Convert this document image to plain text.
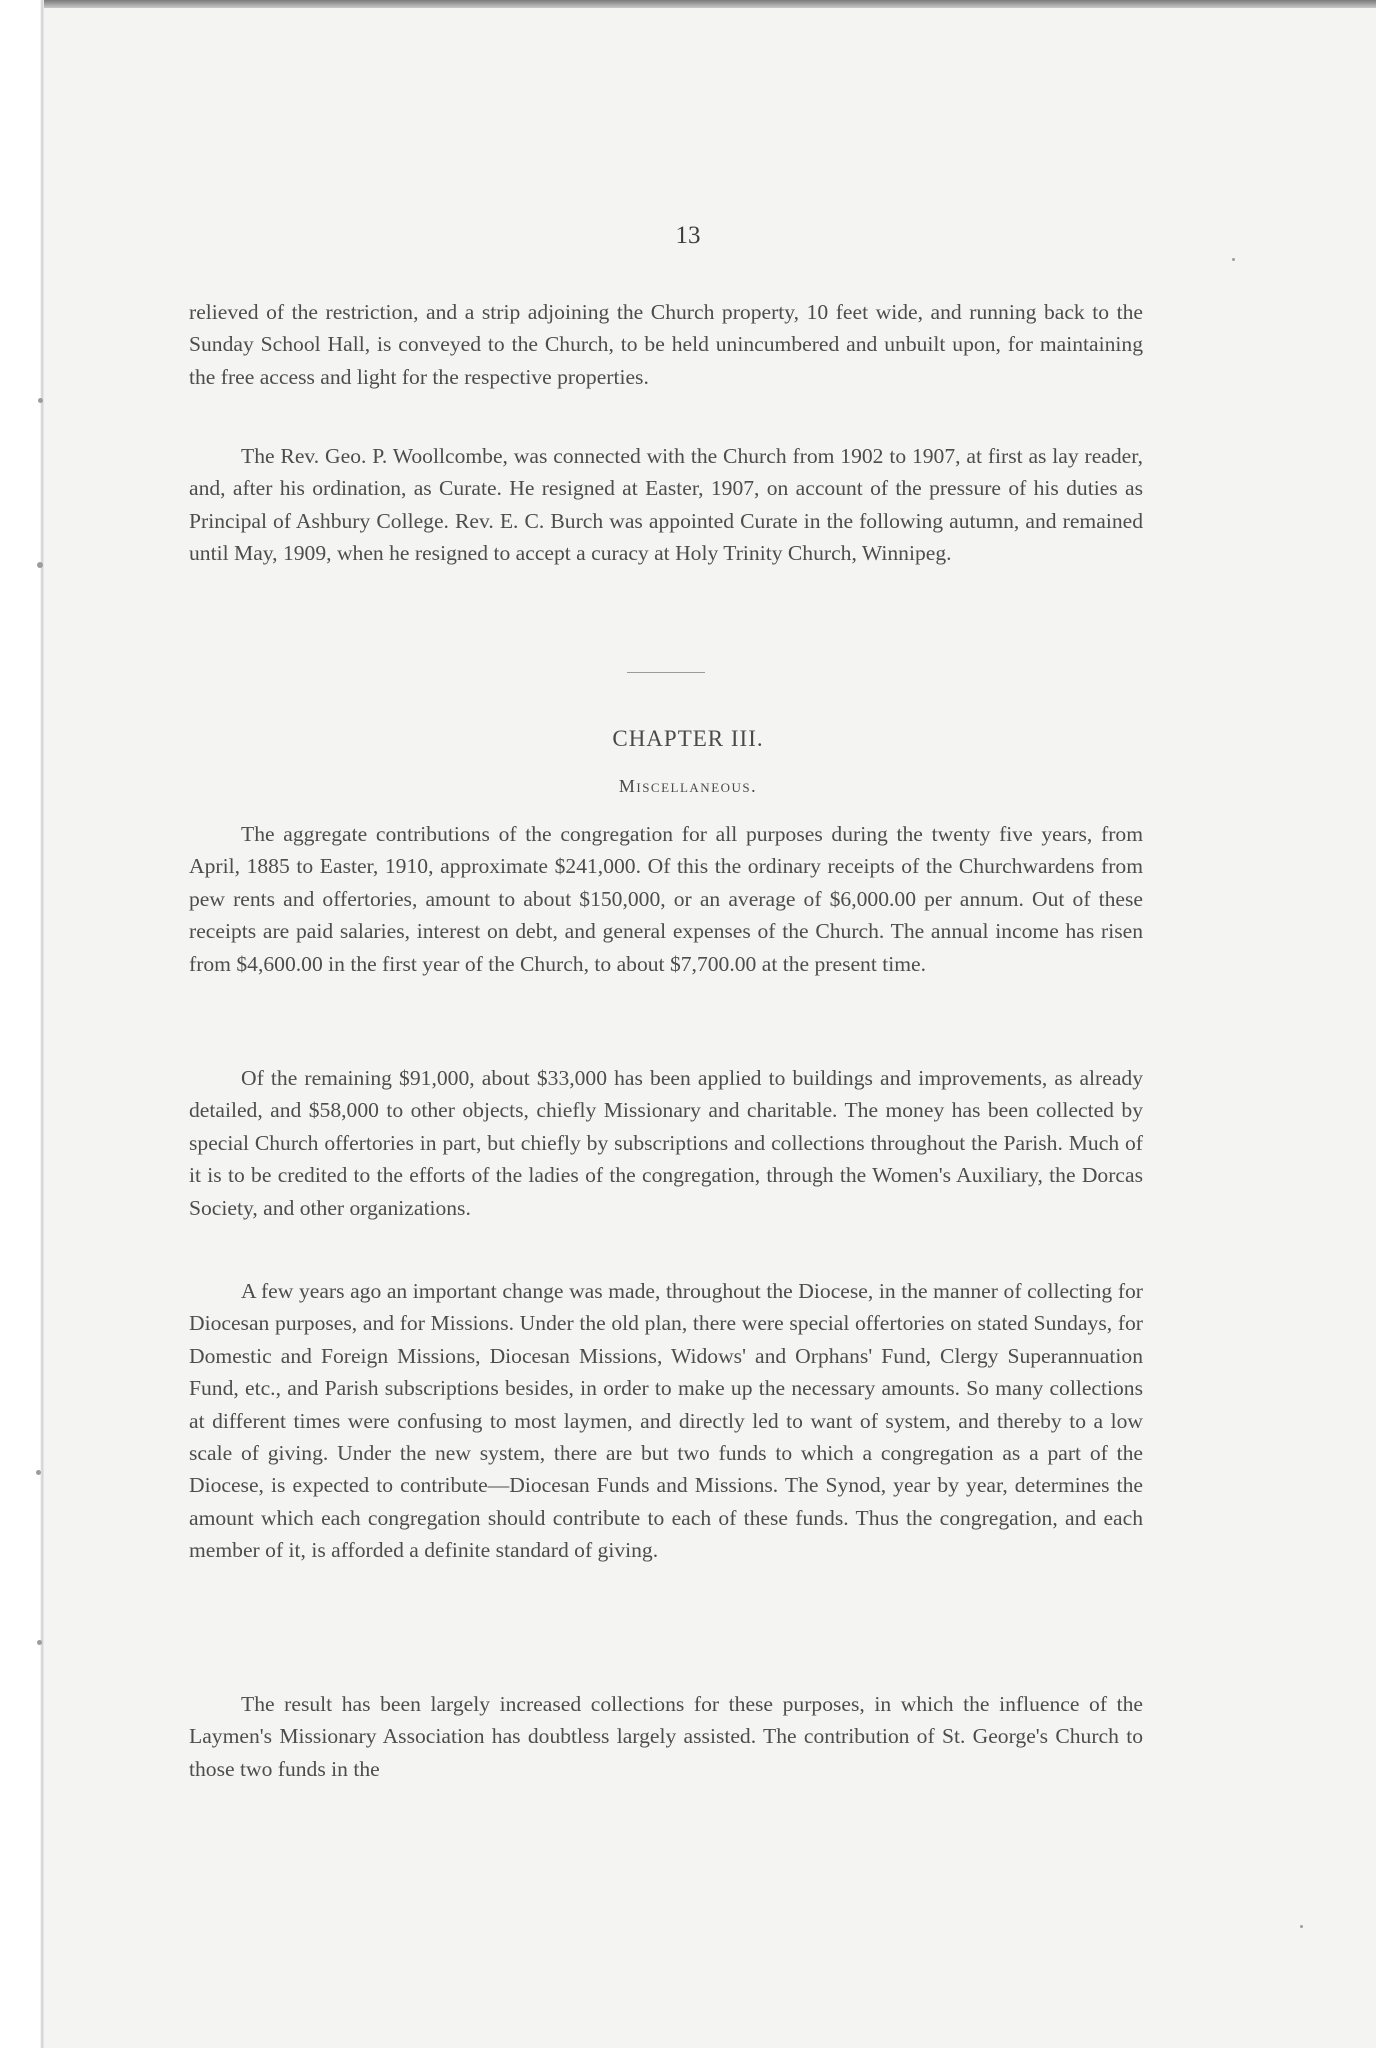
13

relieved of the restriction, and a strip adjoining the Church property, 10 feet wide, and running back to the Sunday School Hall, is conveyed to the Church, to be held unincumbered and unbuilt upon, for maintaining the free access and light for the respective properties.

The Rev. Geo. P. Woollcombe, was connected with the Church from 1902 to 1907, at first as lay reader, and, after his ordination, as Curate. He resigned at Easter, 1907, on account of the pressure of his duties as Principal of Ashbury College. Rev. E. C. Burch was appointed Curate in the following autumn, and remained until May, 1909, when he resigned to accept a curacy at Holy Trinity Church, Winnipeg.

CHAPTER III.
Miscellaneous.

The aggregate contributions of the congregation for all purposes during the twenty five years, from April, 1885 to Easter, 1910, approximate $241,000. Of this the ordinary receipts of the Churchwardens from pew rents and offertories, amount to about $150,000, or an average of $6,000.00 per annum. Out of these receipts are paid salaries, interest on debt, and general expenses of the Church. The annual income has risen from $4,600.00 in the first year of the Church, to about $7,700.00 at the present time.

Of the remaining $91,000, about $33,000 has been applied to buildings and improvements, as already detailed, and $58,000 to other objects, chiefly Missionary and charitable. The money has been collected by special Church offertories in part, but chiefly by subscriptions and collections throughout the Parish. Much of it is to be credited to the efforts of the ladies of the congregation, through the Women's Auxiliary, the Dorcas Society, and other organizations.

A few years ago an important change was made, throughout the Diocese, in the manner of collecting for Diocesan purposes, and for Missions. Under the old plan, there were special offertories on stated Sundays, for Domestic and Foreign Missions, Diocesan Missions, Widows' and Orphans' Fund, Clergy Superannuation Fund, etc., and Parish subscriptions besides, in order to make up the necessary amounts. So many collections at different times were confusing to most laymen, and directly led to want of system, and thereby to a low scale of giving. Under the new system, there are but two funds to which a congregation as a part of the Diocese, is expected to contribute—Diocesan Funds and Missions. The Synod, year by year, determines the amount which each congregation should contribute to each of these funds. Thus the congregation, and each member of it, is afforded a definite standard of giving.

The result has been largely increased collections for these purposes, in which the influence of the Laymen's Missionary Association has doubtless largely assisted. The contribution of St. George's Church to those two funds in the
